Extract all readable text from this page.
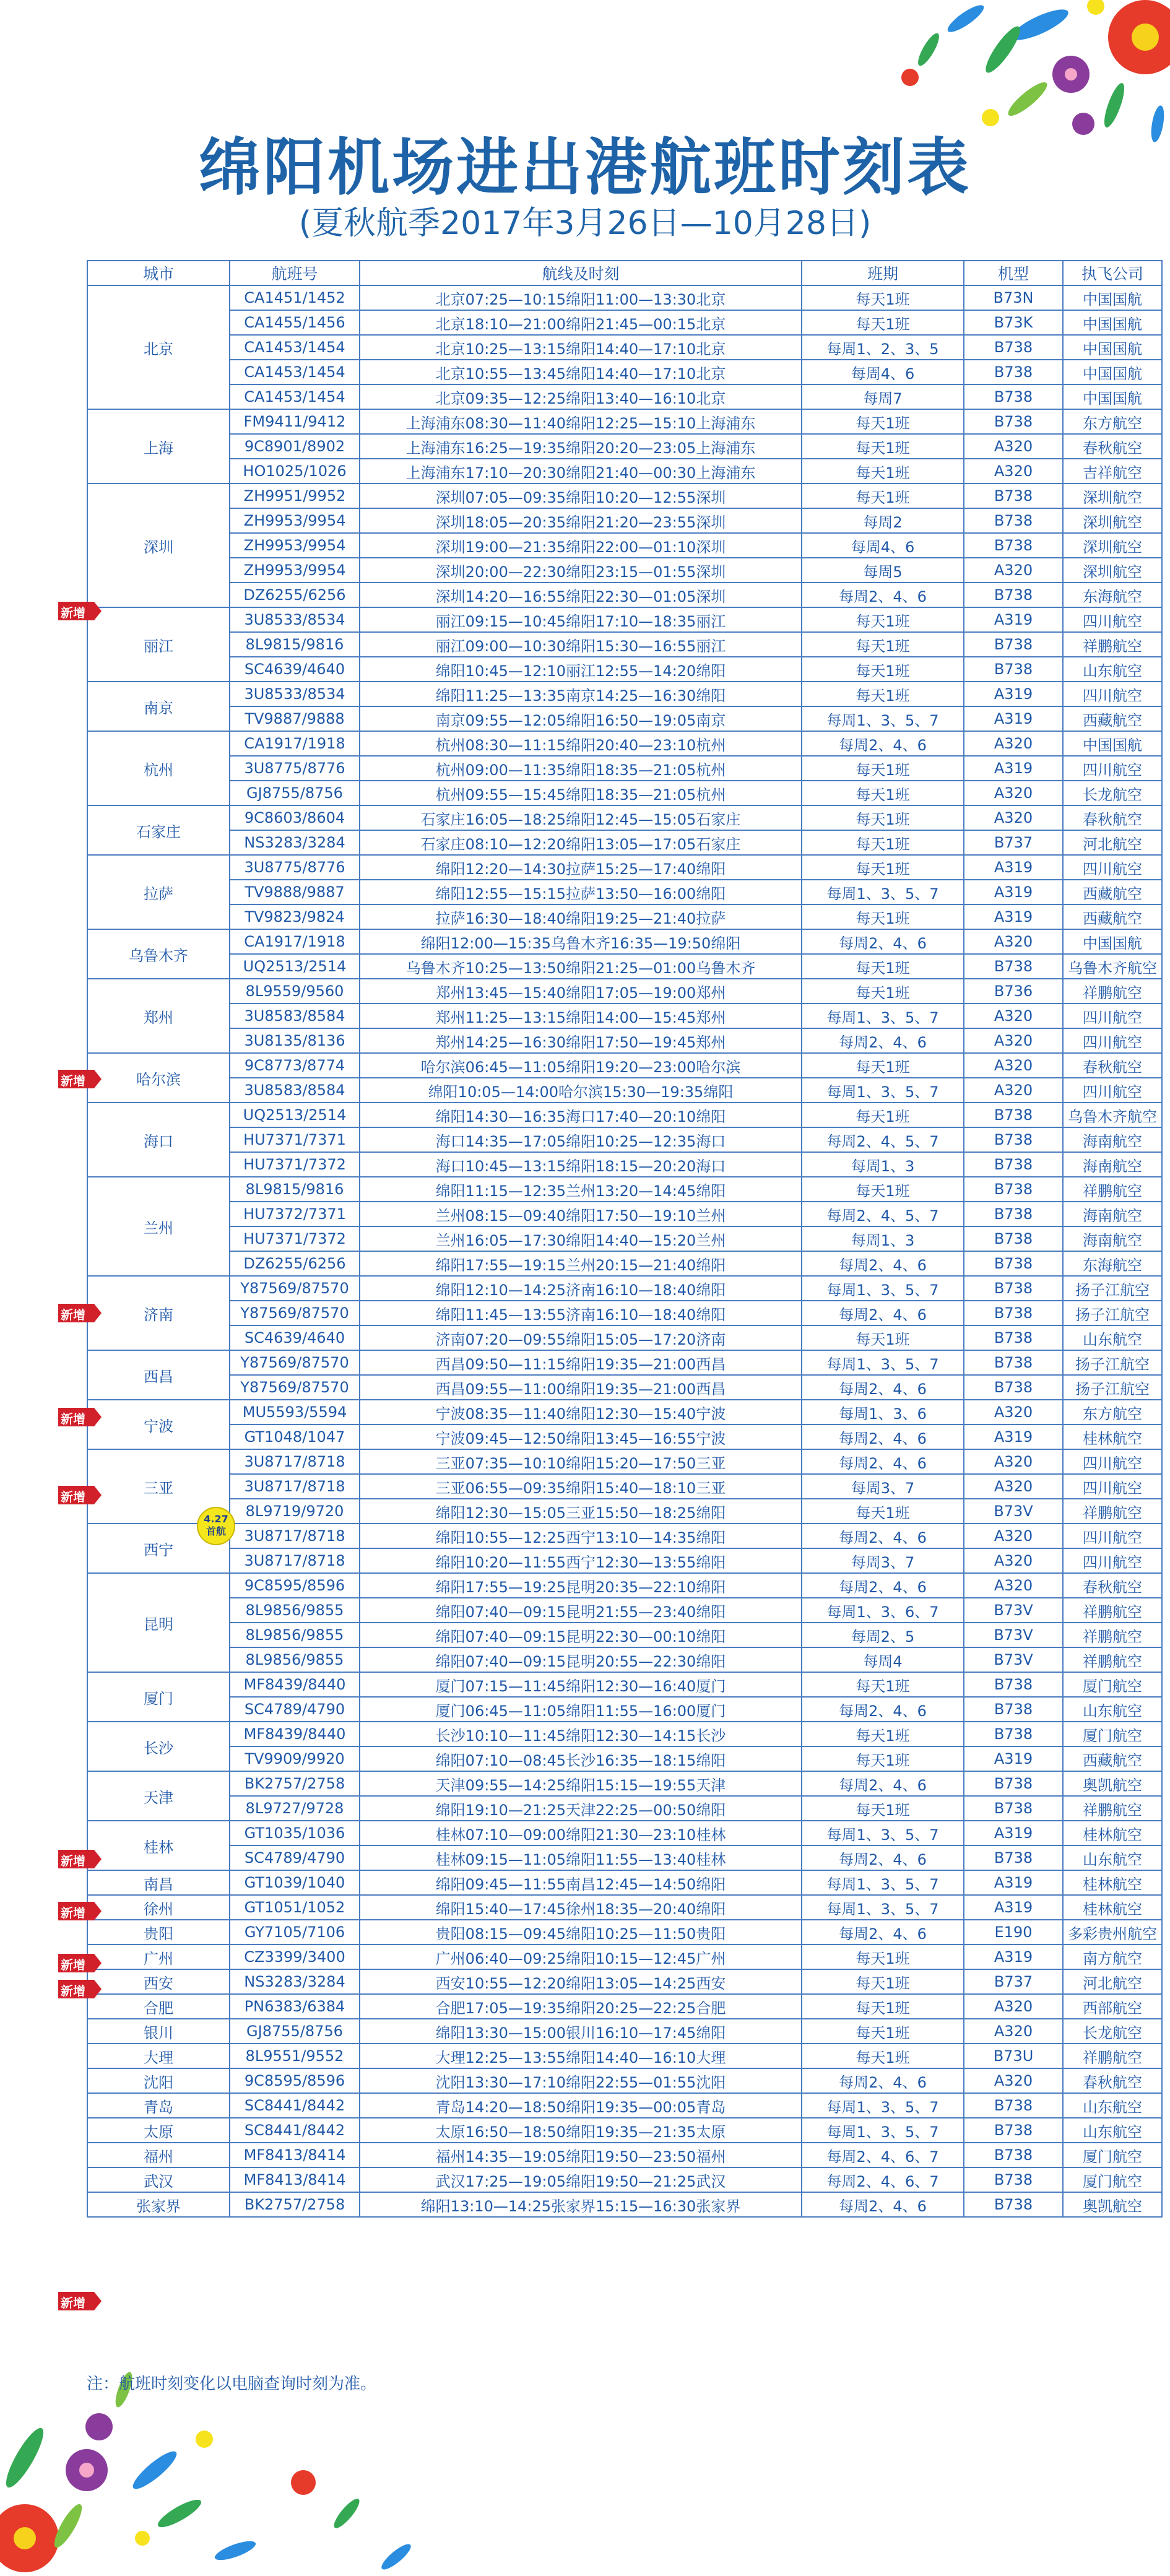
绵阳机场进出港航班时刻表
(夏秋航季2017年3月26日—10月28日)
城市	航班号	航线及时刻	班期	机型	执飞公司
北京	CA1451/1452	北京07:25—10:15绵阳11:00—13:30北京	每天1班	B73N	中国国航
	CA1455/1456	北京18:10—21:00绵阳21:45—00:15北京	每天1班	B73K	中国国航
	CA1453/1454	北京10:25—13:15绵阳14:40—17:10北京	每周1、2、3、5	B738	中国国航
	CA1453/1454	北京10:55—13:45绵阳14:40—17:10北京	每周4、6	B738	中国国航
	CA1453/1454	北京09:35—12:25绵阳13:40—16:10北京	每周7	B738	中国国航
上海	FM9411/9412	上海浦东08:30—11:40绵阳12:25—15:10上海浦东	每天1班	B738	东方航空
	9C8901/8902	上海浦东16:25—19:35绵阳20:20—23:05上海浦东	每天1班	A320	春秋航空
	HO1025/1026	上海浦东17:10—20:30绵阳21:40—00:30上海浦东	每天1班	A320	吉祥航空
深圳	ZH9951/9952	深圳07:05—09:35绵阳10:20—12:55深圳	每天1班	B738	深圳航空
	ZH9953/9954	深圳18:05—20:35绵阳21:20—23:55深圳	每周2	B738	深圳航空
	ZH9953/9954	深圳19:00—21:35绵阳22:00—01:10深圳	每周4、6	B738	深圳航空
	ZH9953/9954	深圳20:00—22:30绵阳23:15—01:55深圳	每周5	A320	深圳航空
	DZ6255/6256	深圳14:20—16:55绵阳22:30—01:05深圳	每周2、4、6	B738	东海航空
丽江	3U8533/8534	丽江09:15—10:45绵阳17:10—18:35丽江	每天1班	A319	四川航空
	8L9815/9816	丽江09:00—10:30绵阳15:30—16:55丽江	每天1班	B738	祥鹏航空
	SC4639/4640	绵阳10:45—12:10丽江12:55—14:20绵阳	每天1班	B738	山东航空
南京	3U8533/8534	绵阳11:25—13:35南京14:25—16:30绵阳	每天1班	A319	四川航空
	TV9887/9888	南京09:55—12:05绵阳16:50—19:05南京	每周1、3、5、7	A319	西藏航空
杭州	CA1917/1918	杭州08:30—11:15绵阳20:40—23:10杭州	每周2、4、6	A320	中国国航
	3U8775/8776	杭州09:00—11:35绵阳18:35—21:05杭州	每天1班	A319	四川航空
	GJ8755/8756	杭州09:55—15:45绵阳18:35—21:05杭州	每天1班	A320	长龙航空
石家庄	9C8603/8604	石家庄16:05—18:25绵阳12:45—15:05石家庄	每天1班	A320	春秋航空
	NS3283/3284	石家庄08:10—12:20绵阳13:05—17:05石家庄	每天1班	B737	河北航空
拉萨	3U8775/8776	绵阳12:20—14:30拉萨15:25—17:40绵阳	每天1班	A319	四川航空
	TV9888/9887	绵阳12:55—15:15拉萨13:50—16:00绵阳	每周1、3、5、7	A319	西藏航空
	TV9823/9824	拉萨16:30—18:40绵阳19:25—21:40拉萨	每天1班	A319	西藏航空
乌鲁木齐	CA1917/1918	绵阳12:00—15:35乌鲁木齐16:35—19:50绵阳	每周2、4、6	A320	中国国航
	UQ2513/2514	乌鲁木齐10:25—13:50绵阳21:25—01:00乌鲁木齐	每天1班	B738	乌鲁木齐航空
郑州	8L9559/9560	郑州13:45—15:40绵阳17:05—19:00郑州	每天1班	B736	祥鹏航空
	3U8583/8584	郑州11:25—13:15绵阳14:00—15:45郑州	每周1、3、5、7	A320	四川航空
	3U8135/8136	郑州14:25—16:30绵阳17:50—19:45郑州	每周2、4、6	A320	四川航空
哈尔滨	9C8773/8774	哈尔滨06:45—11:05绵阳19:20—23:00哈尔滨	每天1班	A320	春秋航空
	3U8583/8584	绵阳10:05—14:00哈尔滨15:30—19:35绵阳	每周1、3、5、7	A320	四川航空
海口	UQ2513/2514	绵阳14:30—16:35海口17:40—20:10绵阳	每天1班	B738	乌鲁木齐航空
	HU7371/7371	海口14:35—17:05绵阳10:25—12:35海口	每周2、4、5、7	B738	海南航空
	HU7371/7372	海口10:45—13:15绵阳18:15—20:20海口	每周1、3	B738	海南航空
兰州	8L9815/9816	绵阳11:15—12:35兰州13:20—14:45绵阳	每天1班	B738	祥鹏航空
	HU7372/7371	兰州08:15—09:40绵阳17:50—19:10兰州	每周2、4、5、7	B738	海南航空
	HU7371/7372	兰州16:05—17:30绵阳14:40—15:20兰州	每周1、3	B738	海南航空
	DZ6255/6256	绵阳17:55—19:15兰州20:15—21:40绵阳	每周2、4、6	B738	东海航空
济南	Y87569/87570	绵阳12:10—14:25济南16:10—18:40绵阳	每周1、3、5、7	B738	扬子江航空
	Y87569/87570	绵阳11:45—13:55济南16:10—18:40绵阳	每周2、4、6	B738	扬子江航空
	SC4639/4640	济南07:20—09:55绵阳15:05—17:20济南	每天1班	B738	山东航空
西昌	Y87569/87570	西昌09:50—11:15绵阳19:35—21:00西昌	每周1、3、5、7	B738	扬子江航空
	Y87569/87570	西昌09:55—11:00绵阳19:35—21:00西昌	每周2、4、6	B738	扬子江航空
宁波	MU5593/5594	宁波08:35—11:40绵阳12:30—15:40宁波	每周1、3、6	A320	东方航空
	GT1048/1047	宁波09:45—12:50绵阳13:45—16:55宁波	每周2、4、6	A319	桂林航空
三亚	3U8717/8718	三亚07:35—10:10绵阳15:20—17:50三亚	每周2、4、6	A320	四川航空
	3U8717/8718	三亚06:55—09:35绵阳15:40—18:10三亚	每周3、7	A320	四川航空
	8L9719/9720	绵阳12:30—15:05三亚15:50—18:25绵阳	每天1班	B73V	祥鹏航空
西宁	3U8717/8718	绵阳10:55—12:25西宁13:10—14:35绵阳	每周2、4、6	A320	四川航空
	3U8717/8718	绵阳10:20—11:55西宁12:30—13:55绵阳	每周3、7	A320	四川航空
昆明	9C8595/8596	绵阳17:55—19:25昆明20:35—22:10绵阳	每周2、4、6	A320	春秋航空
	8L9856/9855	绵阳07:40—09:15昆明21:55—23:40绵阳	每周1、3、6、7	B73V	祥鹏航空
	8L9856/9855	绵阳07:40—09:15昆明22:30—00:10绵阳	每周2、5	B73V	祥鹏航空
	8L9856/9855	绵阳07:40—09:15昆明20:55—22:30绵阳	每周4	B73V	祥鹏航空
厦门	MF8439/8440	厦门07:15—11:45绵阳12:30—16:40厦门	每天1班	B738	厦门航空
	SC4789/4790	厦门06:45—11:05绵阳11:55—16:00厦门	每周2、4、6	B738	山东航空
长沙	MF8439/8440	长沙10:10—11:45绵阳12:30—14:15长沙	每天1班	B738	厦门航空
	TV9909/9920	绵阳07:10—08:45长沙16:35—18:15绵阳	每天1班	A319	西藏航空
天津	BK2757/2758	天津09:55—14:25绵阳15:15—19:55天津	每周2、4、6	B738	奥凯航空
	8L9727/9728	绵阳19:10—21:25天津22:25—00:50绵阳	每天1班	B738	祥鹏航空
桂林	GT1035/1036	桂林07:10—09:00绵阳21:30—23:10桂林	每周1、3、5、7	A319	桂林航空
	SC4789/4790	桂林09:15—11:05绵阳11:55—13:40桂林	每周2、4、6	B738	山东航空
南昌	GT1039/1040	绵阳09:45—11:55南昌12:45—14:50绵阳	每周1、3、5、7	A319	桂林航空
徐州	GT1051/1052	绵阳15:40—17:45徐州18:35—20:40绵阳	每周1、3、5、7	A319	桂林航空
贵阳	GY7105/7106	贵阳08:15—09:45绵阳10:25—11:50贵阳	每周2、4、6	E190	多彩贵州航空
广州	CZ3399/3400	广州06:40—09:25绵阳10:15—12:45广州	每天1班	A319	南方航空
西安	NS3283/3284	西安10:55—12:20绵阳13:05—14:25西安	每天1班	B737	河北航空
合肥	PN6383/6384	合肥17:05—19:35绵阳20:25—22:25合肥	每天1班	A320	西部航空
银川	GJ8755/8756	绵阳13:30—15:00银川16:10—17:45绵阳	每天1班	A320	长龙航空
大理	8L9551/9552	大理12:25—13:55绵阳14:40—16:10大理	每天1班	B73U	祥鹏航空
沈阳	9C8595/8596	沈阳13:30—17:10绵阳22:55—01:55沈阳	每周2、4、6	A320	春秋航空
青岛	SC8441/8442	青岛14:20—18:50绵阳19:35—00:05青岛	每周1、3、5、7	B738	山东航空
太原	SC8441/8442	太原16:50—18:50绵阳19:35—21:35太原	每周1、3、5、7	B738	山东航空
福州	MF8413/8414	福州14:35—19:05绵阳19:50—23:50福州	每周2、4、6、7	B738	厦门航空
武汉	MF8413/8414	武汉17:25—19:05绵阳19:50—21:25武汉	每周2、4、6、7	B738	厦门航空
张家界	BK2757/2758	绵阳13:10—14:25张家界15:15—16:30张家界	每周2、4、6	B738	奥凯航空
新增
新增
新增
新增
新增
新增
新增
新增
新增
新增
4.27
首航
注：航班时刻变化以电脑查询时刻为准。
